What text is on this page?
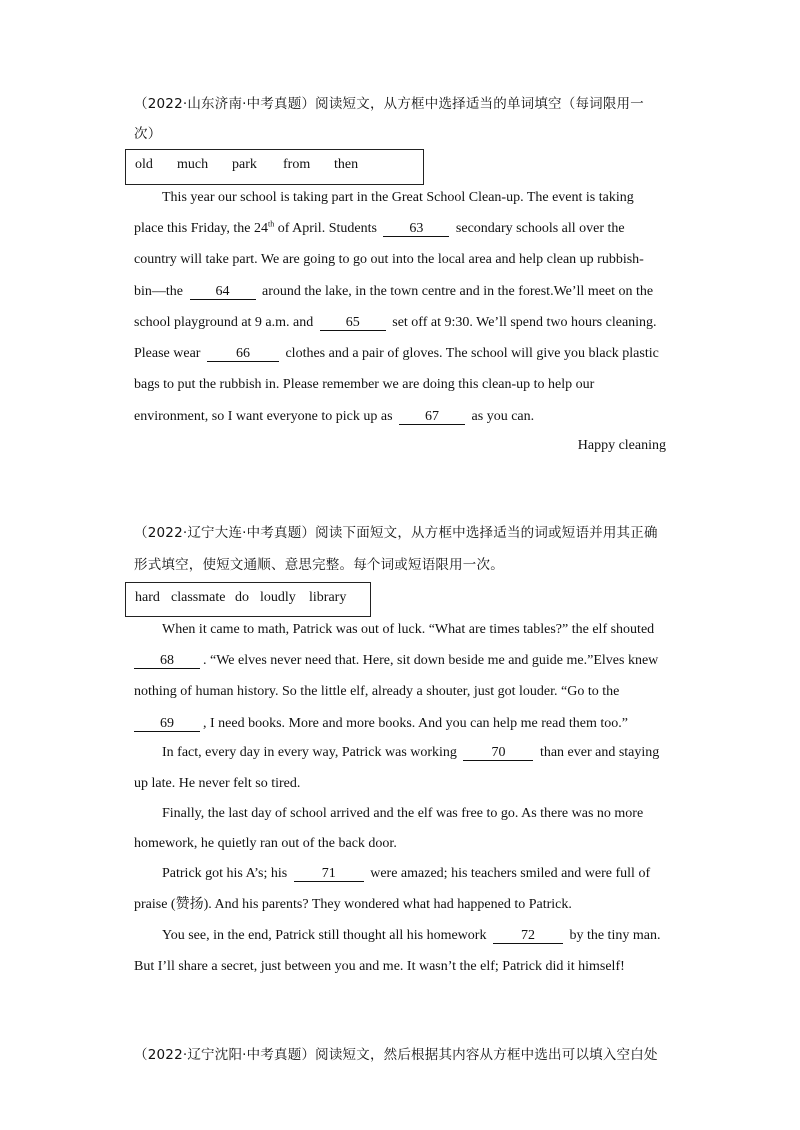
（2022·山东济南·中考真题）阅读短文，从方框中选择适当的单词填空（每词限用一
次）
old much park from then
This year our school is taking part in the Great School Clean-up. The event is taking
place this Friday, the 24th of April. Students 63 secondary schools all over the
country will take part. We are going to go out into the local area and help clean up rubbish-
bin—the 64 around the lake, in the town centre and in the forest.We’ll meet on the
school playground at 9 a.m. and 65 set off at 9:30. We’ll spend two hours cleaning.
Please wear	66	clothes and a pair of gloves. The school will give you black plastic
bags to put the rubbish in. Please remember we are doing this clean-up to help our
environment, so I want everyone to pick up as 67 as you can.
Happy cleaning
（2022·辽宁大连·中考真题）阅读下面短文，从方框中选择适当的词或短语并用其正确
形式填空，使短文通顺、意思完整。每个词或短语限用一次。
hard classmate do loudly library
When it came to math, Patrick was out of luck. “What are times tables?” the elf shouted
68 . “We elves never need that. Here, sit down beside me and guide me.”Elves knew
nothing of human history. So the little elf, already a shouter, just got louder. “Go to the
69 , I need books. More and more books. And you can help me read them too.”
In fact, every day in every way, Patrick was working 70 than ever and staying
up late. He never felt so tired.
Finally, the last day of school arrived and the elf was free to go. As there was no more
homework, he quietly ran out of the back door.
Patrick got his A’s; his 71 were amazed; his teachers smiled and were full of
praise (赞扬). And his parents? They wondered what had happened to Patrick.
You see, in the end, Patrick still thought all his homework 72 by the tiny man.
But I’ll share a secret, just between you and me. It wasn’t the elf; Patrick did it himself!
（2022·辽宁沈阳·中考真题）阅读短文，然后根据其内容从方框中选出可以填入空白处
